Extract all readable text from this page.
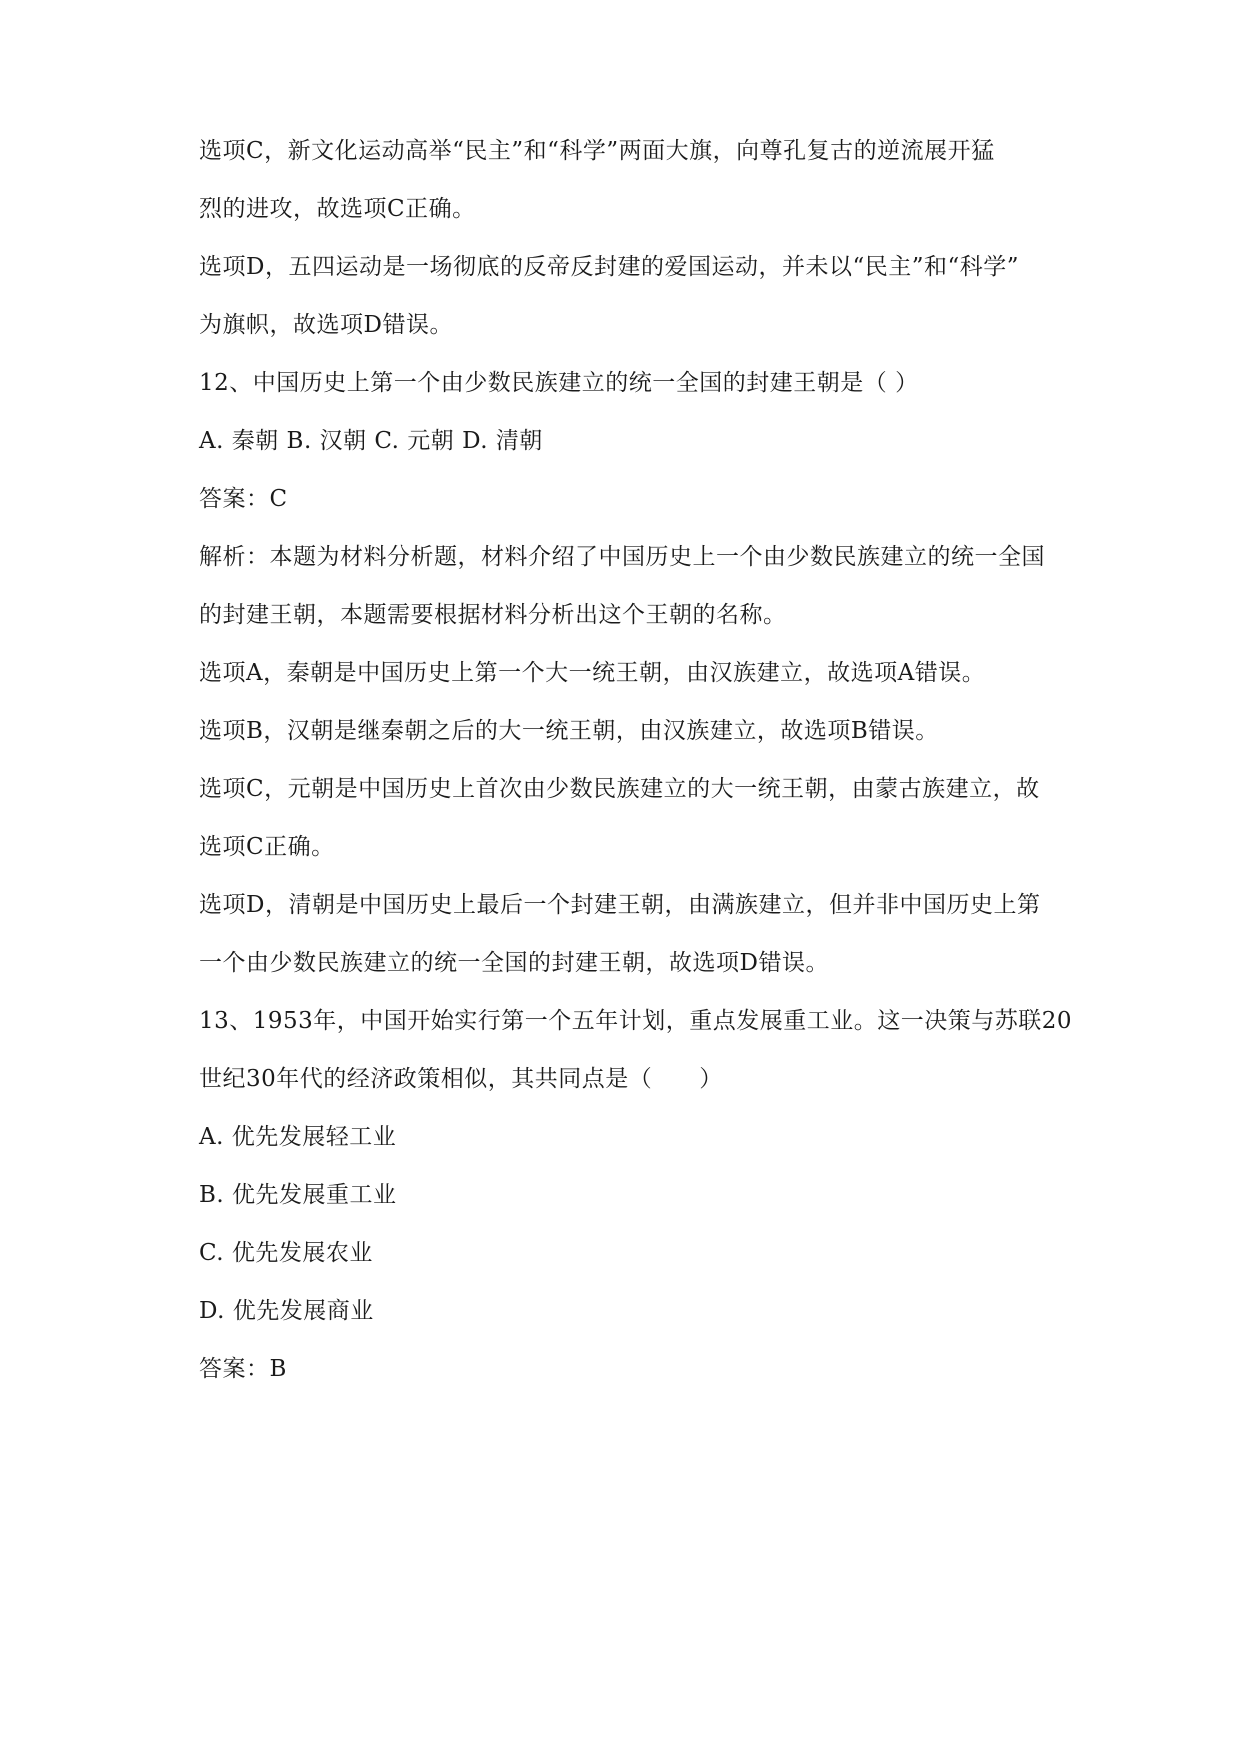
选项C，新文化运动高举“民主”和“科学”两面大旗，向尊孔复古的逆流展开猛
烈的进攻，故选项C正确。
选项D，五四运动是一场彻底的反帝反封建的爱国运动，并未以“民主”和“科学”
为旗帜，故选项D错误。
12、中国历史上第一个由少数民族建立的统一全国的封建王朝是（ ）
A. 秦朝 B. 汉朝 C. 元朝 D. 清朝
答案：C
解析：本题为材料分析题，材料介绍了中国历史上一个由少数民族建立的统一全国
的封建王朝，本题需要根据材料分析出这个王朝的名称。
选项A，秦朝是中国历史上第一个大一统王朝，由汉族建立，故选项A错误。
选项B，汉朝是继秦朝之后的大一统王朝，由汉族建立，故选项B错误。
选项C，元朝是中国历史上首次由少数民族建立的大一统王朝，由蒙古族建立，故
选项C正确。
选项D，清朝是中国历史上最后一个封建王朝，由满族建立，但并非中国历史上第
一个由少数民族建立的统一全国的封建王朝，故选项D错误。
13、1953年，中国开始实行第一个五年计划，重点发展重工业。这一决策与苏联20
世纪30年代的经济政策相似，其共同点是（　　）
A. 优先发展轻工业
B. 优先发展重工业
C. 优先发展农业
D. 优先发展商业
答案：B
